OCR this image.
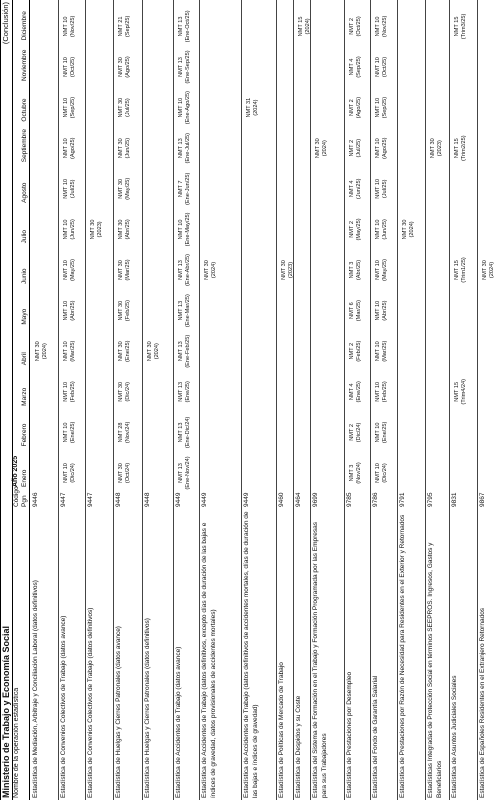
Ministerio de Trabajo y Economía Social
(Conclusión)
Nombre de la operación estadística
Código Pgn
Año 2025 Enero
Febrero
Marzo
Abril
Mayo
Junio
Julio
Agosto
Septiembre
Octubre
Noviembre
Diciembre
Estadística de Mediación, Arbitraje y Conciliación Laboral (datos definitivos)
9446
NMT 30 (2024)
Estadística de Convenios Colectivos de Trabajo (datos avance)
9447
NMT 10 (Dic/24)
NMT 10 (Ene/25)
NMT 10 (Feb/25)
NMT 10 (Mar/25)
NMT 10 (Abr/25)
NMT 10 (May/25)
NMT 10 (Jun/25)
NMT 10 (Jul/25)
NMT 10 (Ago/25)
NMT 10 (Sep/25)
NMT 10 (Oct/25)
NMT 10 (Nov/25)
Estadística de Convenios Colectivos de Trabajo (datos definitivos)
9447
NMT 30 (2023)
Estadística de Huelgas y Cierres Patronales (datos avance)
9448
NMT 30 (Oct/24)
NMT 28 (Nov/24)
NMT 30 (Dic/24)
NMT 30 (Ene/25)
NMT 30 (Feb/25)
NMT 30 (Mar/25)
NMT 30 (Abr/25)
NMT 30 (May/25)
NMT 30 (Jun/25)
NMT 30 (Jul/25)
NMT 30 (Ago/25)
NMT 21 (Sep/25)
Estadística de Huelgas y Cierres Patronales (datos definitivos)
9448
NMT 30 (2024)
Estadística de Accidentes de Trabajo (datos avance)
9449
NMT 13 (Ene-Nov/24)
NMT 13 (Ene-Dic/24)
NMT 13 (Ene/25)
NMT 13 (Ene-Feb/25)
NMT 13 (Ene-Mar/25)
NMT 13 (Ene-Abr/25)
NMT 10 (Ene-May/25)
NMT 7 (Ene-Jun/25)
NMT 13 (Ene-Jul/25)
NMT 10 (Ene-Ago/25)
NMT 13 (Ene-Sep/25)
NMT 13 (Ene-Oct/25)
Estadística de Accidentes de Trabajo (datos definitivos, excepto días de duración de las bajas e índices de gravedad, datos provisionales de accidentes mortales)
9449
NMT 30 (2024)
Estadística de Accidentes de Trabajo (datos definitivos de accidentes mortales, días de duración de las bajas e índices de gravedad)
9449
NMT 31 (2024)
Estadística de Políticas de Mercado de Trabajo
9460
NMT 30 (2023)
Estadística de Despidos y su Coste
9464
NMT 15 (2024)
Estadística del Sistema de Formación en el Trabajo y Formación Programada por las Empresas para sus Trabajadores
9699
NMT 30 (2024)
Estadística de Prestaciones por Desempleo
9785
NMT 3 (Nov/24)
NMT 2 (Dic/24)
NMT 4 (Ene/25)
NMT 2 (Feb/25)
NMT 6 (Mar/25)
NMT 3 (Abr/25)
NMT 2 (May/25)
NMT 4 (Jun/25)
NMT 2 (Jul/25)
NMT 2 (Ago/25)
NMT 4 (Sep/25)
NMT 2 (Oct/25)
Estadística del Fondo de Garantía Salarial
9786
NMT 10 (Dic/24)
NMT 10 (Ene/25)
NMT 10 (Feb/25)
NMT 10 (Mar/25)
NMT 10 (Abr/25)
NMT 10 (May/25)
NMT 10 (Jun/25)
NMT 10 (Jul/25)
NMT 10 (Ago/25)
NMT 10 (Sep/25)
NMT 10 (Oct/25)
NMT 10 (Nov/25)
Estadística de Prestaciones por Razón de Necesidad para Residentes en el Exterior y Retornados
9791
NMT 30 (2024)
Estadísticas Integradas de Protección Social en términos SEEPROS. Ingresos, Gastos y Beneficiarios
9795
NMT 30 (2023)
Estadística de Asuntos Judiciales Sociales
9831
NMT 15 (Trim4/24)
NMT 15 (Trim1/25)
NMT 15 (Trim2/25)
NMT 15 (Trim3/25)
Estadística de Españoles Residentes en el Extranjero Retornados
9867
NMT 30 (2024)
